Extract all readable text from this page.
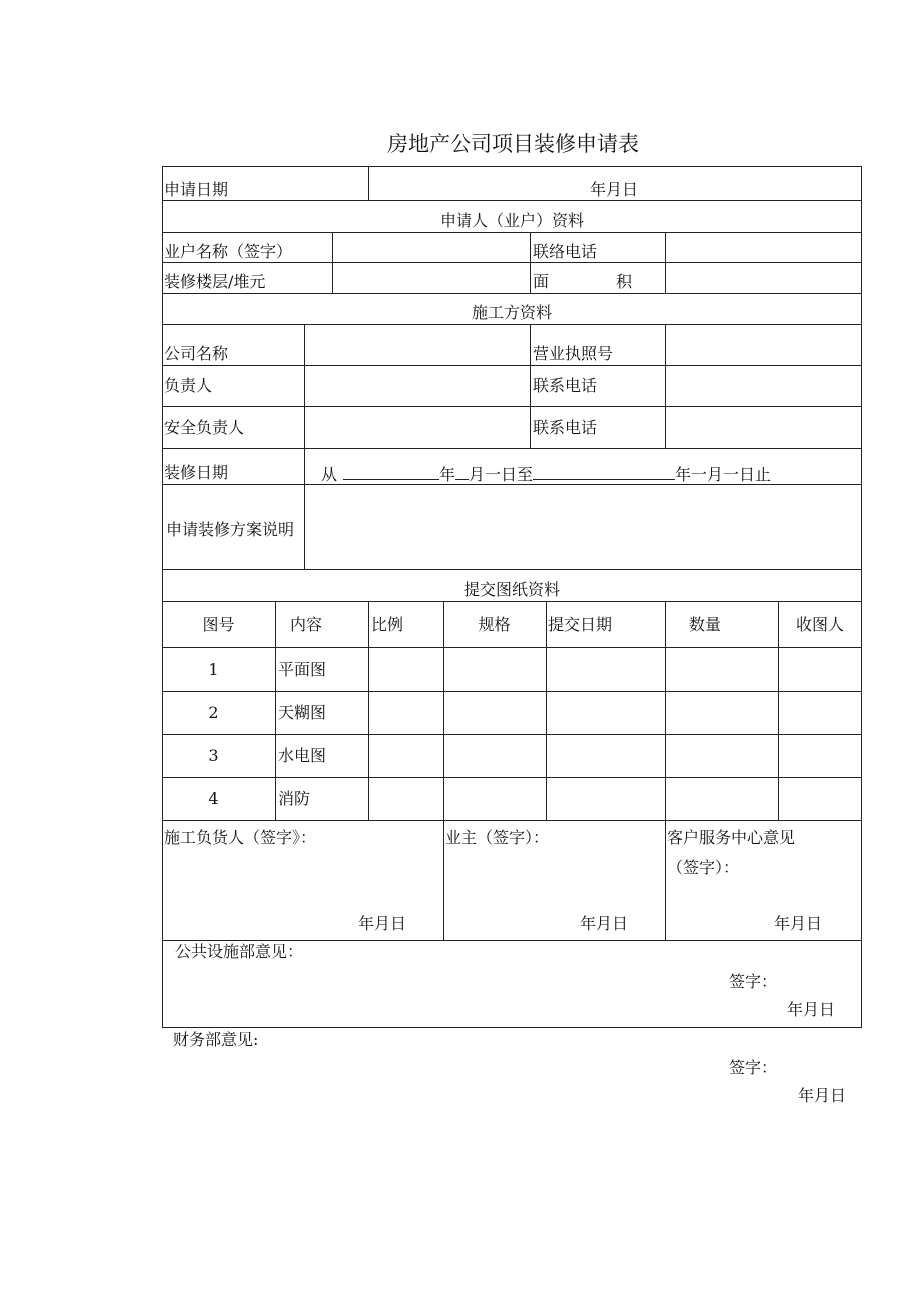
房地产公司项目装修申请表
申请日期	年月日
申请人（业户）资料
业户名称（签字）	联络电话
装修楼层/堆元	面	积
施工方资料
公司名称	营业执照号
负责人	联系电话
安全负责人	联系电话
装修日期	从	年 月一日至	年一月一日止
申请装修方案说明
提交图纸资料
图号	内容	比例	规格	提交日期	数量	收图人
1	平面图
2	天糊图
3	水电图
4	消防
施工负货人（签字》：
年月日
业主（签字）：
年月日
客户服务中心意见
（签字）：
年月日
公共设施部意见：
签字：
年月日
财务部意见:
签字：
年月日
